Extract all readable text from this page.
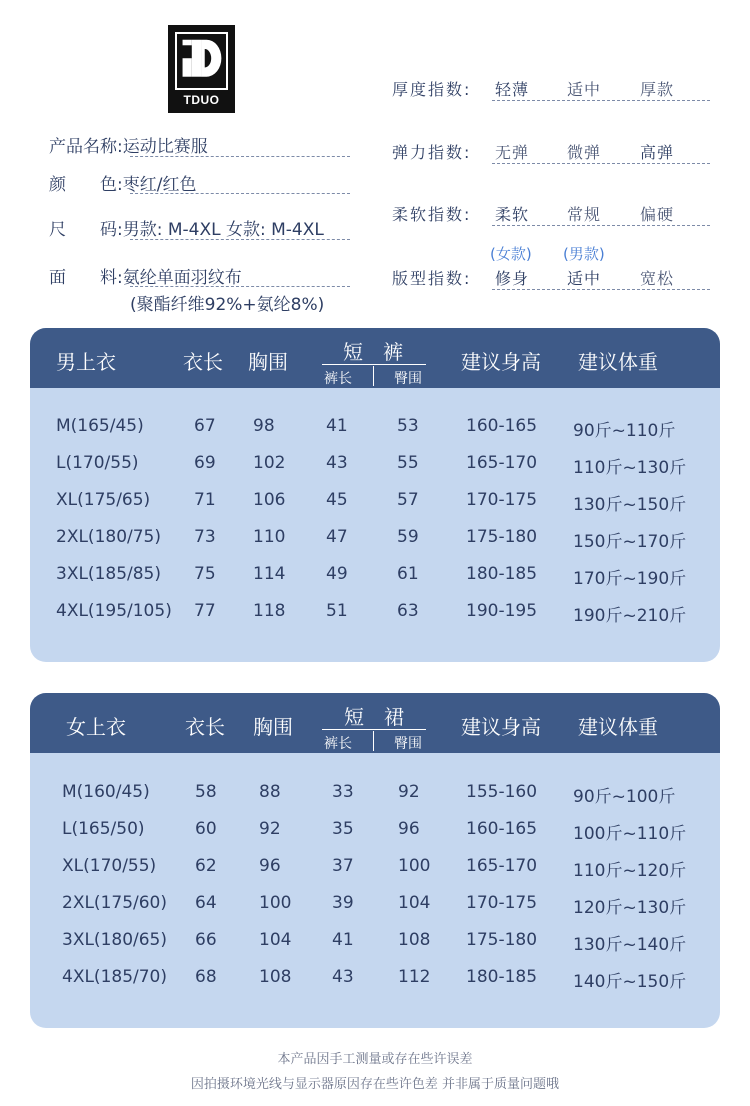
TDUO
产品名称:运动比赛服
颜　　色:枣红/红色
尺　　码:男款: M-4XL 女款: M-4XL
面　　料:氨纶单面羽纹布
(聚酯纤维92%+氨纶8%)
厚度指数: 轻薄 适中 厚款
弹力指数: 无弹 微弹 高弹
柔软指数: 柔软 常规 偏硬
(女款) (男款)
版型指数: 修身 适中 宽松
男上衣	衣长 胸围	短　裤
裤长	臀围
建议身高 建议体重
M(165/45)	67 98	41	53	160-165 90斤~110斤
L(170/55)	69 102 43	55	165-170 110斤~130斤
XL(175/65)	71 106 45	57	170-175 130斤~150斤
2XL(180/75) 73 110 47	59	175-180 150斤~170斤
3XL(185/85) 75 114 49	61	180-185 170斤~190斤
4XL(195/105) 77 118 51	63	190-195 190斤~210斤
女上衣	衣长 胸围	短　裙
裤长	臀围
建议身高 建议体重
M(160/45)	58 88	33	92	155-160 90斤~100斤
L(165/50)	60 92	35	96	160-165 100斤~110斤
XL(170/55) 62 96	37	100 165-170 110斤~120斤
2XL(175/60) 64 100 39	104 170-175 120斤~130斤
3XL(180/65) 66 104 41	108 175-180 130斤~140斤
4XL(185/70) 68 108 43	112 180-185 140斤~150斤
本产品因手工测量或存在些许误差
因拍摄环境光线与显示器原因存在些许色差 并非属于质量问题哦
